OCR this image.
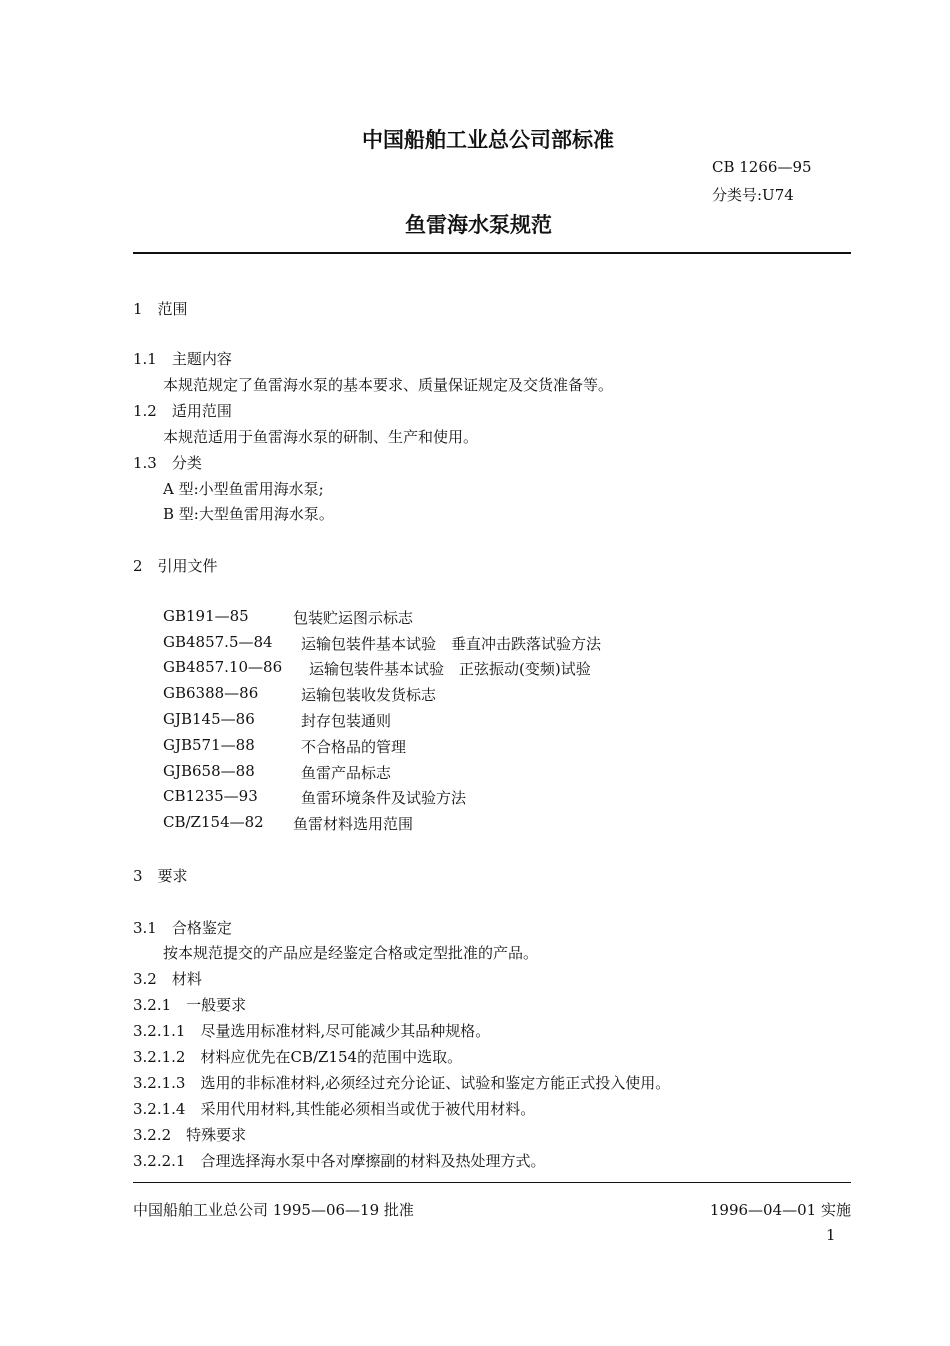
中国船舶工业总公司部标准
CB 1266—95
分类号:U74
鱼雷海水泵规范
1　范围
1.1　主题内容
本规范规定了鱼雷海水泵的基本要求、质量保证规定及交货准备等。
1.2　适用范围
本规范适用于鱼雷海水泵的研制、生产和使用。
1.3　分类
A 型:小型鱼雷用海水泵;
B 型:大型鱼雷用海水泵。
2　引用文件
GB191—85	包装贮运图示标志
GB4857.5—84 运输包装件基本试验　垂直冲击跌落试验方法
GB4857.10—86 运输包装件基本试验　正弦振动(变频)试验
GB6388—86	运输包装收发货标志
GJB145—86	封存包装通则
GJB571—88	不合格品的管理
GJB658—88	鱼雷产品标志
CB1235—93	鱼雷环境条件及试验方法
CB/Z154—82 鱼雷材料选用范围
3　要求
3.1　合格鉴定
按本规范提交的产品应是经鉴定合格或定型批准的产品。
3.2　材料
3.2.1　一般要求
3.2.1.1　尽量选用标准材料,尽可能减少其品种规格。
3.2.1.2　材料应优先在CB/Z154的范围中选取。
3.2.1.3　选用的非标准材料,必须经过充分论证、试验和鉴定方能正式投入使用。
3.2.1.4　采用代用材料,其性能必须相当或优于被代用材料。
3.2.2　特殊要求
3.2.2.1　合理选择海水泵中各对摩擦副的材料及热处理方式。
中国船舶工业总公司 1995—06—19 批准	1996—04—01 实施
1
